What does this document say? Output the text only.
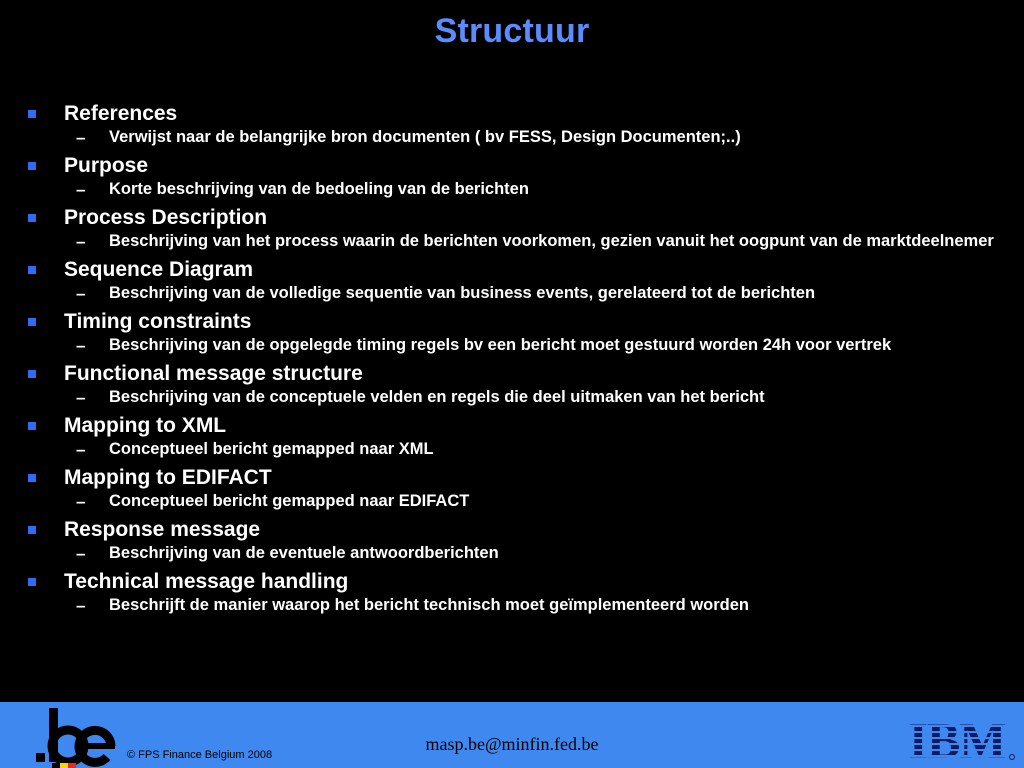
Structuur
References
–	Verwijst naar de belangrijke bron documenten ( bv FESS, Design Documenten;..)
Purpose
–	Korte beschrijving van de bedoeling van de berichten
Process Description
–	Beschrijving van het process waarin de berichten voorkomen, gezien vanuit het oogpunt van de marktdeelnemer
Sequence Diagram
–	Beschrijving van de volledige sequentie van business events, gerelateerd tot de berichten
Timing constraints
–	Beschrijving van de opgelegde timing regels bv een bericht moet gestuurd worden 24h voor vertrek
Functional message structure
–	Beschrijving van de conceptuele velden en regels die deel uitmaken van het bericht
Mapping to XML
–	Conceptueel bericht gemapped naar XML
Mapping to EDIFACT
–	Conceptueel bericht gemapped naar EDIFACT
Response message
–	Beschrijving van de eventuele antwoordberichten
Technical message handling
–	Beschrijft de manier waarop het bericht technisch moet geïmplementeerd worden
© FPS Finance Belgium 2008
masp.be@minfin.fed.be	IBM
